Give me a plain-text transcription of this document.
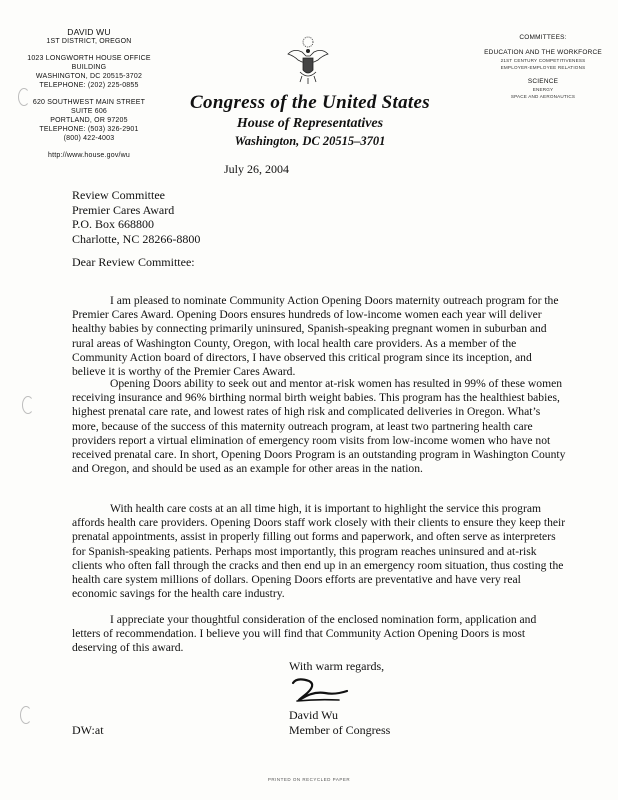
DAVID WU
1ST DISTRICT, OREGON
1023 LONGWORTH HOUSE OFFICE BUILDING
WASHINGTON, DC 20515-3702
TELEPHONE: (202) 225-0855
620 SOUTHWEST MAIN STREET
SUITE 606
PORTLAND, OR 97205
TELEPHONE: (503) 326-2901
(800) 422-4003
http://www.house.gov/wu
Congress of the United States
House of Representatives
Washington, DC 20515–3701
COMMITTEES:
EDUCATION AND THE WORKFORCE
21ST CENTURY COMPETITIVENESS
EMPLOYER-EMPLOYEE RELATIONS
SCIENCE
ENERGY
SPACE AND AERONAUTICS
July 26, 2004
Review Committee
Premier Cares Award
P.O. Box 668800
Charlotte, NC 28266-8800
Dear Review Committee:

I am pleased to nominate Community Action Opening Doors maternity outreach program for the Premier Cares Award. Opening Doors ensures hundreds of low-income women each year will deliver healthy babies by connecting primarily uninsured, Spanish-speaking pregnant women in suburban and rural areas of Washington County, Oregon, with local health care providers. As a member of the Community Action board of directors, I have observed this critical program since its inception, and believe it is worthy of the Premier Cares Award.

Opening Doors ability to seek out and mentor at-risk women has resulted in 99% of these women receiving insurance and 96% birthing normal birth weight babies. This program has the healthiest babies, highest prenatal care rate, and lowest rates of high risk and complicated deliveries in Oregon. What’s more, because of the success of this maternity outreach program, at least two partnering health care providers report a virtual elimination of emergency room visits from low-income women who have not received prenatal care. In short, Opening Doors Program is an outstanding program in Washington County and Oregon, and should be used as an example for other areas in the nation.

With health care costs at an all time high, it is important to highlight the service this program affords health care providers. Opening Doors staff work closely with their clients to ensure they keep their prenatal appointments, assist in properly filling out forms and paperwork, and often serve as interpreters for Spanish-speaking patients. Perhaps most importantly, this program reaches uninsured and at-risk clients who often fall through the cracks and then end up in an emergency room situation, thus costing the health care system millions of dollars. Opening Doors efforts are preventative and have very real economic savings for the health care industry.

I appreciate your thoughtful consideration of the enclosed nomination form, application and letters of recommendation. I believe you will find that Community Action Opening Doors is most deserving of this award.

With warm regards,
David Wu
Member of Congress
DW:at
PRINTED ON RECYCLED PAPER
